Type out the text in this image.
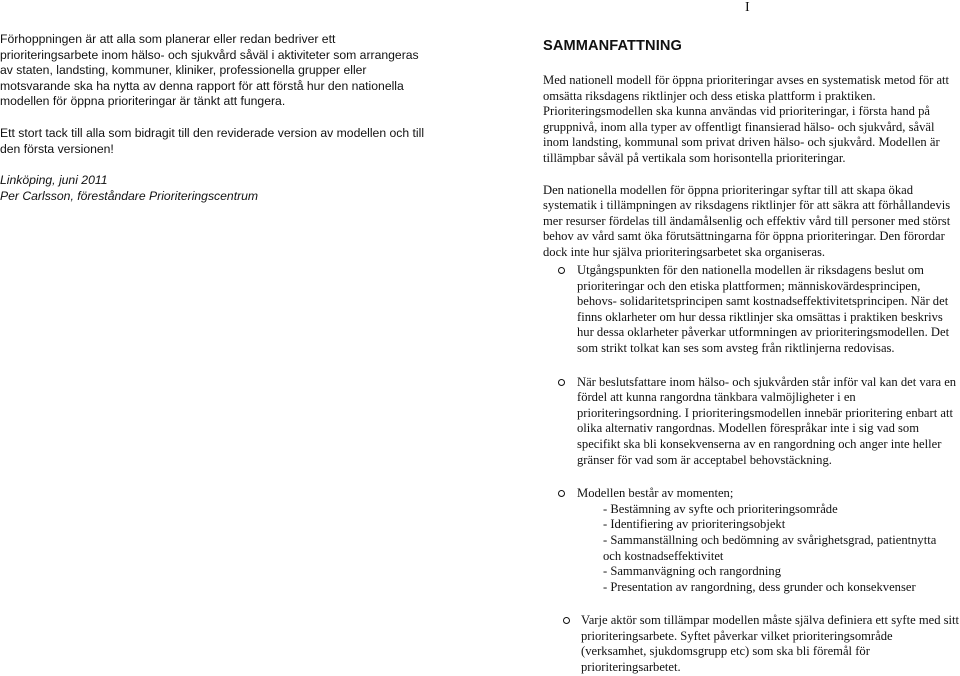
I

Förhoppningen är att alla som planerar eller redan bedriver ett prioriteringsarbete inom hälso- och sjukvård såväl i aktiviteter som arrangeras av staten, landsting, kommuner, kliniker, professionella grupper eller motsvarande ska ha nytta av denna rapport för att förstå hur den nationella modellen för öppna prioriteringar är tänkt att fungera.

Ett stort tack till alla som bidragit till den reviderade version av modellen och till den första versionen!

Linköping, juni 2011
Per Carlsson, föreståndare Prioriteringscentrum

SAMMANFATTNING

Med nationell modell för öppna prioriteringar avses en systematisk metod för att omsätta riksdagens riktlinjer och dess etiska plattform i praktiken. Prioriteringsmodellen ska kunna användas vid prioriteringar, i första hand på gruppnivå, inom alla typer av offentligt finansierad hälso- och sjukvård, såväl inom landsting, kommunal som privat driven hälso- och sjukvård. Modellen är tillämpbar såväl på vertikala som horisontella prioriteringar.

Den nationella modellen för öppna prioriteringar syftar till att skapa ökad systematik i tillämpningen av riksdagens riktlinjer för att säkra att förhållandevis mer resurser fördelas till ändamålsenlig och effektiv vård till personer med störst behov av vård samt öka förutsättningarna för öppna prioriteringar. Den förordar dock inte hur själva prioriteringsarbetet ska organiseras.

Utgångspunkten för den nationella modellen är riksdagens beslut om prioriteringar och den etiska plattformen; människovärdesprincipen, behovs- solidaritetsprincipen samt kostnadseffektivitetsprincipen. När det finns oklarheter om hur dessa riktlinjer ska omsättas i praktiken beskrivs hur dessa oklarheter påverkar utformningen av prioriteringsmodellen. Det som strikt tolkat kan ses som avsteg från riktlinjerna redovisas.
När beslutsfattare inom hälso- och sjukvården står inför val kan det vara en fördel att kunna rangordna tänkbara valmöjligheter i en prioriteringsordning. I prioriteringsmodellen innebär prioritering enbart att olika alternativ rangordnas. Modellen förespråkar inte i sig vad som specifikt ska bli konsekvenserna av en rangordning och anger inte heller gränser för vad som är acceptabel behovstäckning.
Modellen består av momenten;
- Bestämning av syfte och prioriteringsområde
- Identifiering av prioriteringsobjekt
- Sammanställning och bedömning av svårighetsgrad, patientnytta
och kostnadseffektivitet
- Sammanvägning och rangordning
- Presentation av rangordning, dess grunder och konsekvenser
Varje aktör som tillämpar modellen måste själva definiera ett syfte med sitt prioriteringsarbete. Syftet påverkar vilket prioriteringsområde (verksamhet, sjukdomsgrupp etc) som ska bli föremål för prioriteringsarbetet.
